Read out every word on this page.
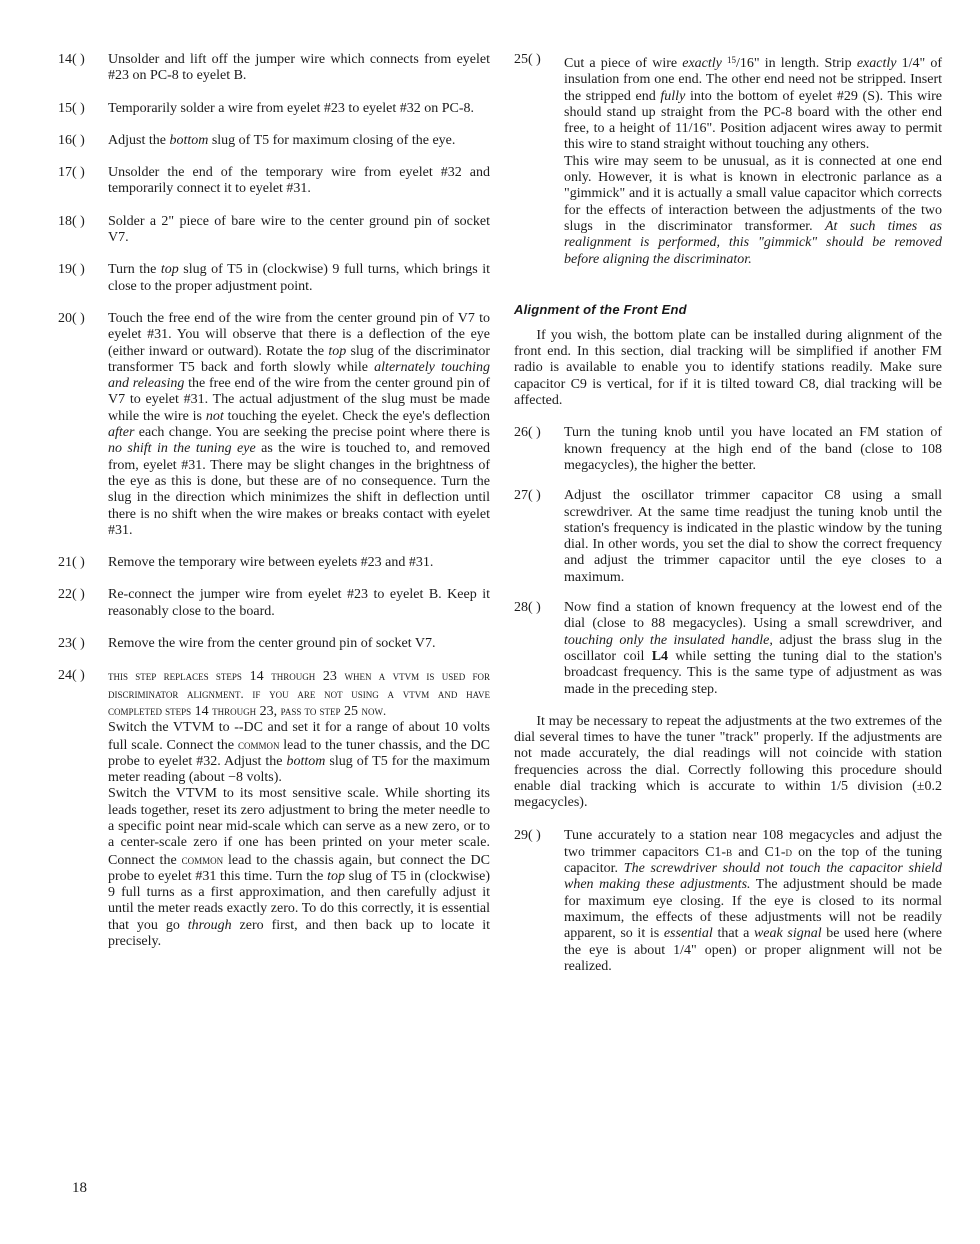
14( )	Unsolder and lift off the jumper wire which connects from eyelet #23 on PC-8 to eyelet B.
15( )	Temporarily solder a wire from eyelet #23 to eyelet #32 on PC-8.
16( )	Adjust the bottom slug of T5 for maximum closing of the eye.
17( )	Unsolder the end of the temporary wire from eyelet #32 and temporarily connect it to eyelet #31.
18( )	Solder a 2" piece of bare wire to the center ground pin of socket V7.
19( )	Turn the top slug of T5 in (clockwise) 9 full turns, which brings it close to the proper adjustment point.
20( )	Touch the free end of the wire from the center ground pin of V7 to eyelet #31. You will observe that there is a deflection of the eye (either inward or outward). Rotate the top slug of the discriminator transformer T5 back and forth slowly while alternately touching and releasing the free end of the wire from the center ground pin of V7 to eyelet #31. The actual adjustment of the slug must be made while the wire is not touching the eyelet. Check the eye's deflection after each change. You are seeking the precise point where there is no shift in the tuning eye as the wire is touched to, and removed from, eyelet #31. There may be slight changes in the brightness of the eye as this is done, but these are of no consequence. Turn the slug in the direction which minimizes the shift in deflection until there is no shift when the wire makes or breaks contact with eyelet #31.
21( )	Remove the temporary wire between eyelets #23 and #31.
22( )	Re-connect the jumper wire from eyelet #23 to eyelet B. Keep it reasonably close to the board.
23( )	Remove the wire from the center ground pin of socket V7.
24( )	this step replaces steps 14 through 23 when a vtvm is used for discriminator alignment. if you are not using a vtvm and have completed steps 14 through 23, pass to step 25 now.
Switch the VTVM to --DC and set it for a range of about 10 volts full scale. Connect the common lead to the tuner chassis, and the DC probe to eyelet #32. Adjust the bottom slug of T5 for the maximum meter reading (about −8 volts).
Switch the VTVM to its most sensitive scale. While shorting its leads together, reset its zero adjustment to bring the meter needle to a specific point near mid-scale which can serve as a new zero, or to a center-scale zero if one has been printed on your meter scale. Connect the common lead to the chassis again, but connect the DC probe to eyelet #31 this time. Turn the top slug of T5 in (clockwise) 9 full turns as a first approximation, and then carefully adjust it until the meter reads exactly zero. To do this correctly, it is essential that you go through zero first, and then back up to locate it precisely.
25( )	Cut a piece of wire exactly $^{15}$/16" in length. Strip exactly 1/4" of insulation from one end. The other end need not be stripped. Insert the stripped end fully into the bottom of eyelet #29 (S). This wire should stand up straight from the PC-8 board with the other end free, to a height of 11/16". Position adjacent wires away to permit this wire to stand straight without touching any others.
This wire may seem to be unusual, as it is connected at one end only. However, it is what is known in electronic parlance as a "gimmick" and it is actually a small value capacitor which corrects for the effects of interaction between the adjustments of the two slugs in the discriminator transformer. At such times as realignment is performed, this "gimmick" should be removed before aligning the discriminator.
Alignment of the Front End
If you wish, the bottom plate can be installed during alignment of the front end. In this section, dial tracking will be simplified if another FM radio is available to enable you to identify stations readily. Make sure capacitor C9 is vertical, for if it is tilted toward C8, dial tracking will be affected.
26( )	Turn the tuning knob until you have located an FM station of known frequency at the high end of the band (close to 108 megacycles), the higher the better.
27( )	Adjust the oscillator trimmer capacitor C8 using a small screwdriver. At the same time readjust the tuning knob until the station's frequency is indicated in the plastic window by the tuning dial. In other words, you set the dial to show the correct frequency and adjust the trimmer capacitor until the eye closes to a maximum.
28( )	Now find a station of known frequency at the lowest end of the dial (close to 88 megacycles). Using a small screwdriver, and touching only the insulated handle, adjust the brass slug in the oscillator coil L4 while setting the tuning dial to the station's broadcast frequency. This is the same type of adjustment as was made in the preceding step.
It may be necessary to repeat the adjustments at the two extremes of the dial several times to have the tuner "track" properly. If the adjustments are not made accurately, the dial readings will not coincide with station frequencies across the dial. Correctly following this procedure should enable dial tracking which is accurate to within 1/5 division (±0.2 megacycles).
29( )	Tune accurately to a station near 108 megacycles and adjust the two trimmer capacitors C1-b and C1-d on the top of the tuning capacitor. The screwdriver should not touch the capacitor shield when making these adjustments. The adjustment should be made for maximum eye closing. If the eye is closed to its normal maximum, the effects of these adjustments will not be readily apparent, so it is essential that a weak signal be used here (where the eye is about 1/4" open) or proper alignment will not be realized.
18
